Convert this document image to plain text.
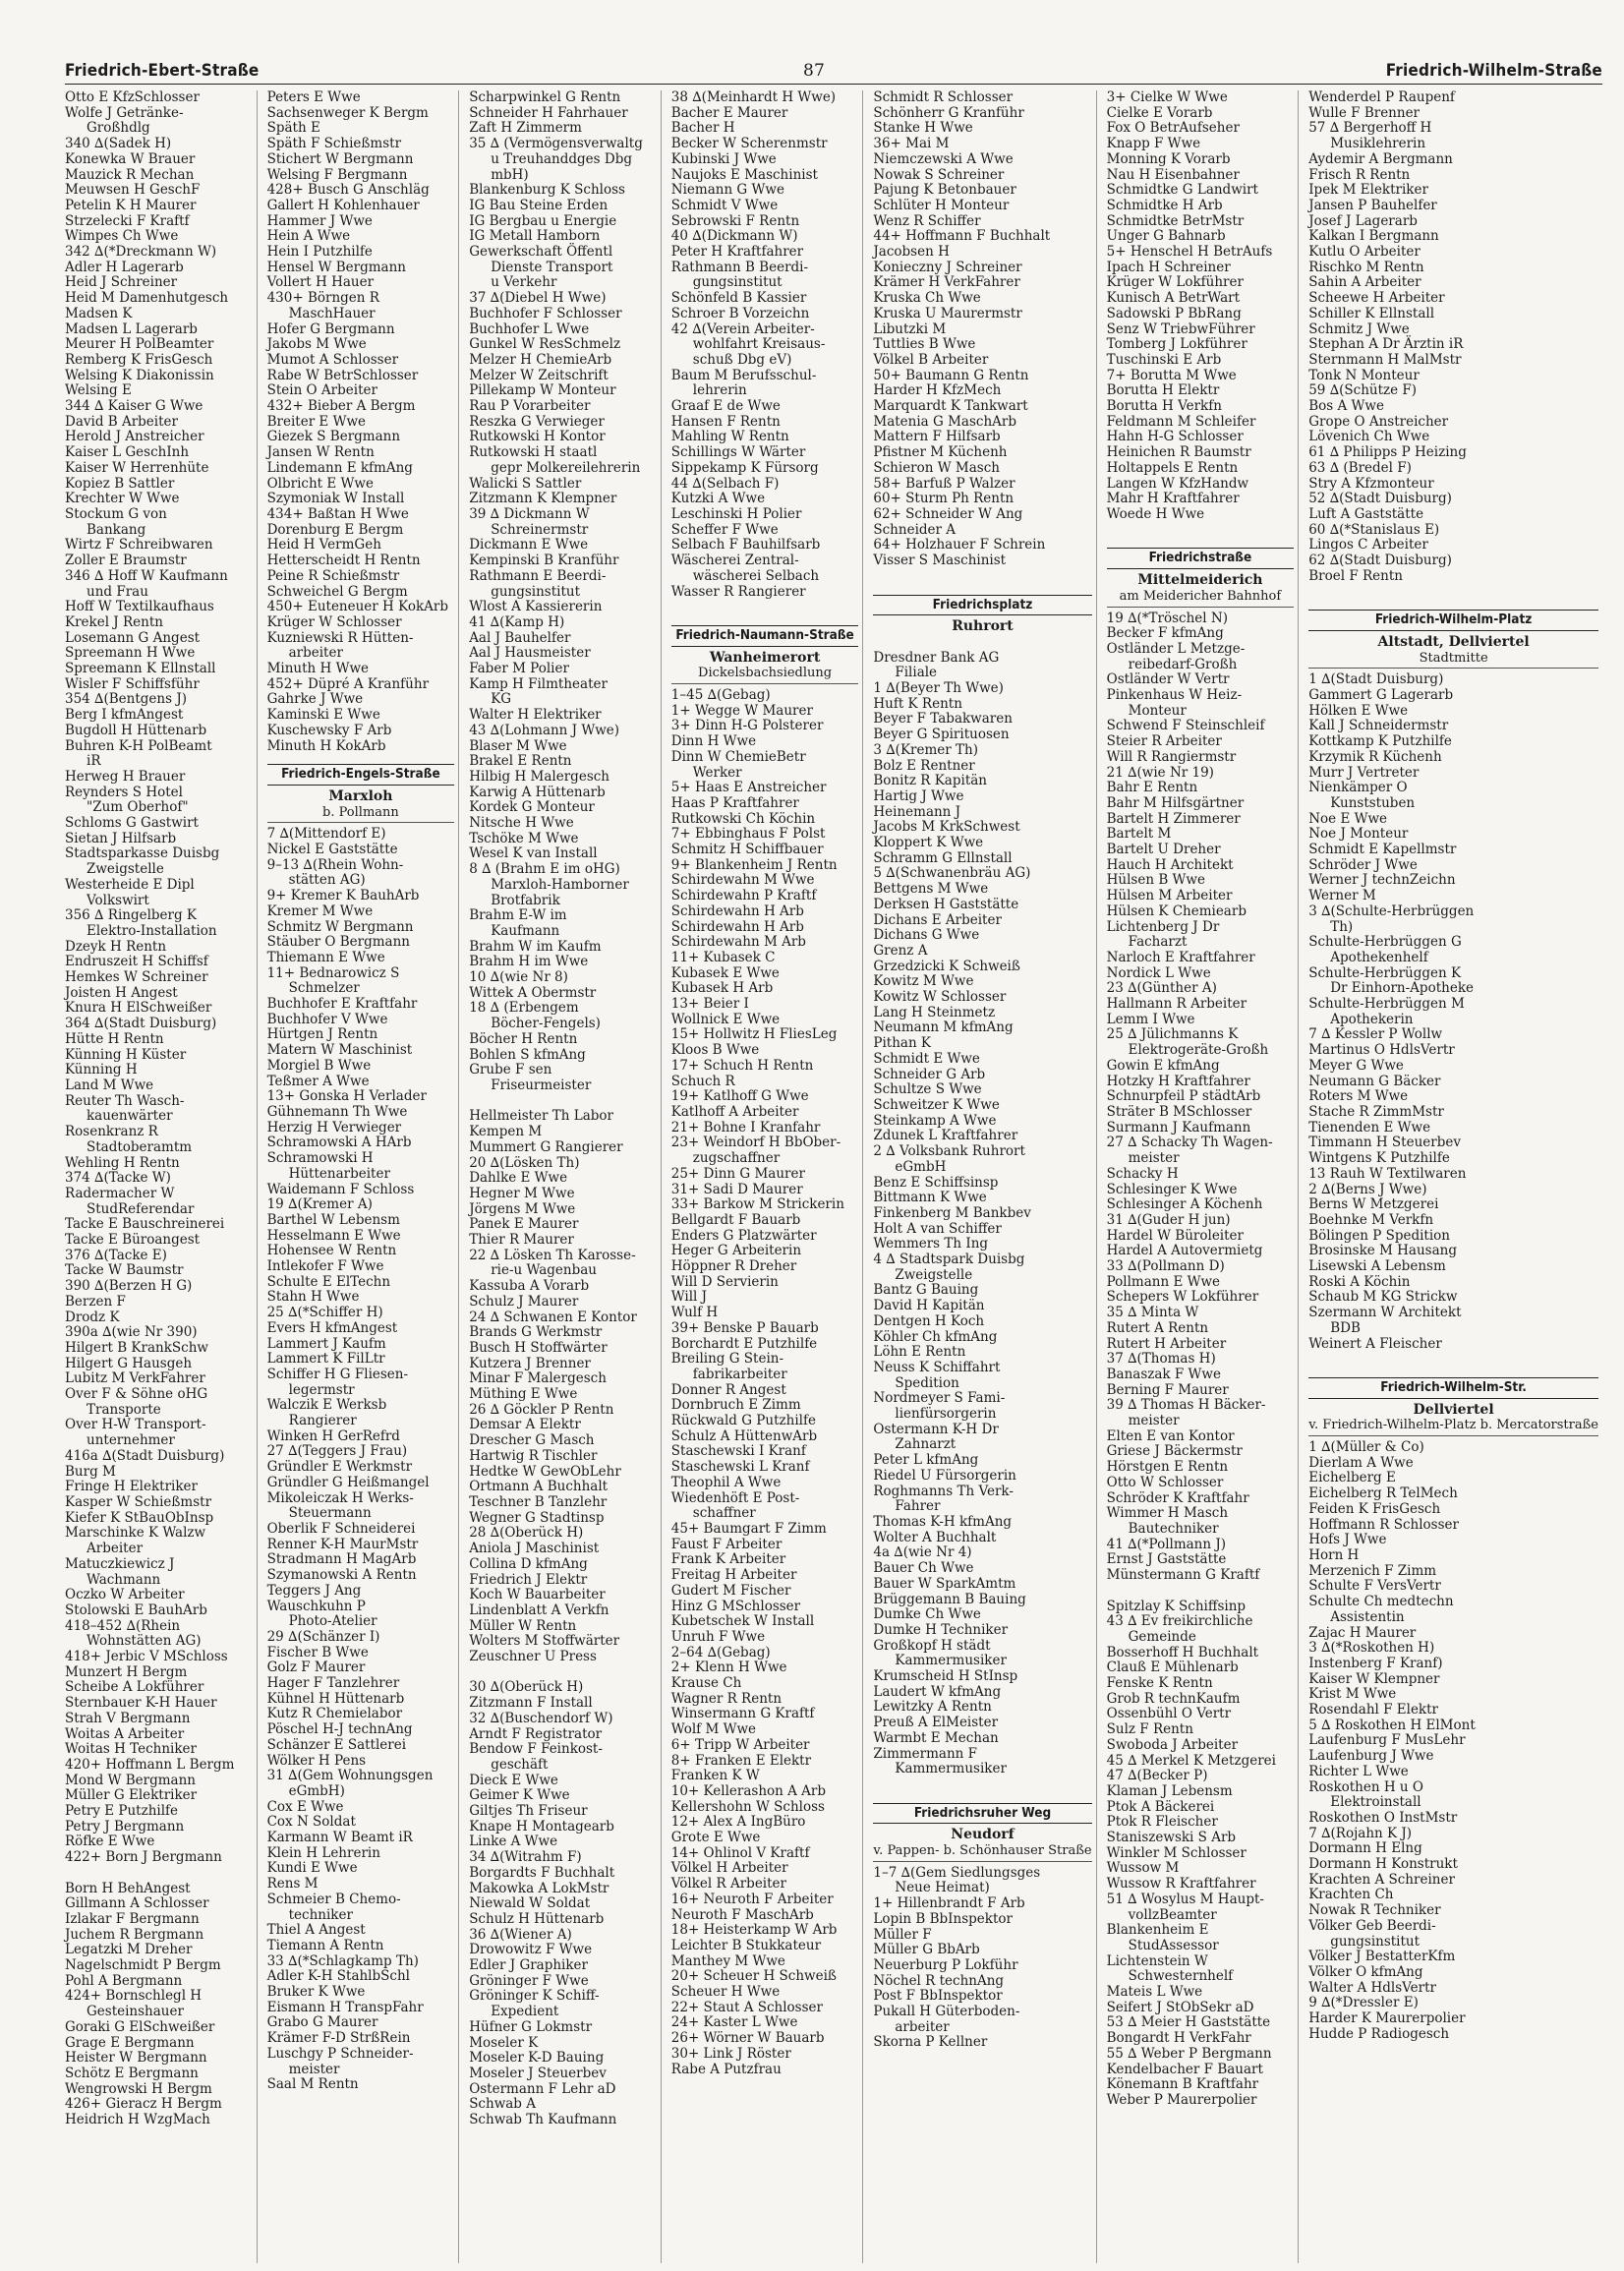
Friedrich-Ebert-Straße	87	Friedrich-Wilhelm-Straße
Otto E KfzSchlosser
Wolfe J Getränke-
Großhdlg
340 ∆(Sadek H)
Konewka W Brauer
Mauzick R Mechan
Meuwsen H GeschF
Petelin K H Maurer
Strzelecki F Kraftf
Wimpes Ch Wwe
342 ∆(*Dreckmann W)
Adler H Lagerarb
Heid J Schreiner
Heid M Damenhutgesch
Madsen K
Madsen L Lagerarb
Meurer H PolBeamter
Remberg K FrisGesch
Welsing K Diakonissin
Welsing E
344 ∆ Kaiser G Wwe
David B Arbeiter
Herold J Anstreicher
Kaiser L GeschInh
Kaiser W Herrenhüte
Kopiez B Sattler
Krechter W Wwe
Stockum G von
Bankang
Wirtz F Schreibwaren
Zoller E Braumstr
346 ∆ Hoff W Kaufmann
und Frau
Hoff W Textilkaufhaus
Krekel J Rentn
Losemann G Angest
Spreemann H Wwe
Spreemann K Ellnstall
Wisler F Schiffsführ
354 ∆(Bentgens J)
Berg I kfmAngest
Bugdoll H Hüttenarb
Buhren K-H PolBeamt
iR
Herweg H Brauer
Reynders S Hotel
"Zum Oberhof"
Schloms G Gastwirt
Sietan J Hilfsarb
Stadtsparkasse Duisbg
Zweigstelle
Westerheide E Dipl
Volkswirt
356 ∆ Ringelberg K
Elektro-Installation
Dzeyk H Rentn
Endruszeit H Schiffsf
Hemkes W Schreiner
Joisten H Angest
Knura H ElSchweißer
364 ∆(Stadt Duisburg)
Hütte H Rentn
Künning H Küster
Künning H
Land M Wwe
Reuter Th Wasch-
kauenwärter
Rosenkranz R
Stadtoberamtm
Wehling H Rentn
374 ∆(Tacke W)
Radermacher W
StudReferendar
Tacke E Bauschreinerei
Tacke E Büroangest
376 ∆(Tacke E)
Tacke W Baumstr
390 ∆(Berzen H G)
Berzen F
Drodz K
390a ∆(wie Nr 390)
Hilgert B KrankSchw
Hilgert G Hausgeh
Lubitz M VerkFahrer
Over F & Söhne oHG
Transporte
Over H-W Transport-
unternehmer
416a ∆(Stadt Duisburg)
Burg M
Fringe H Elektriker
Kasper W Schießmstr
Kiefer K StBauObInsp
Marschinke K Walzw
Arbeiter
Matuczkiewicz J
Wachmann
Oczko W Arbeiter
Stolowski E BauhArb
418–452 ∆(Rhein
Wohnstätten AG)
418+ Jerbic V MSchloss
Munzert H Bergm
Scheibe A Lokführer
Sternbauer K-H Hauer
Strah V Bergmann
Woitas A Arbeiter
Woitas H Techniker
420+ Hoffmann L Bergm
Mond W Bergmann
Müller G Elektriker
Petry E Putzhilfe
Petry J Bergmann
Röfke E Wwe
422+ Born J Bergmann

Born H BehAngest
Gillmann A Schlosser
Izlakar F Bergmann
Juchem R Bergmann
Legatzki M Dreher
Nagelschmidt P Bergm
Pohl A Bergmann
424+ Bornschlegl H
Gesteinshauer
Goraki G ElSchweißer
Grage E Bergmann
Heister W Bergmann
Schötz E Bergmann
Wengrowski H Bergm
426+ Gieracz H Bergm
Heidrich H WzgMach
Peters E Wwe
Sachsenweger K Bergm
Späth E
Späth F Schießmstr
Stichert W Bergmann
Welsing F Bergmann
428+ Busch G Anschläg
Gallert H Kohlenhauer
Hammer J Wwe
Hein A Wwe
Hein I Putzhilfe
Hensel W Bergmann
Vollert H Hauer
430+ Börngen R
MaschHauer
Hofer G Bergmann
Jakobs M Wwe
Mumot A Schlosser
Rabe W BetrSchlosser
Stein O Arbeiter
432+ Bieber A Bergm
Breiter E Wwe
Giezek S Bergmann
Jansen W Rentn
Lindemann E kfmAng
Olbricht E Wwe
Szymoniak W Install
434+ Baßtan H Wwe
Dorenburg E Bergm
Heid H VermGeh
Hetterscheidt H Rentn
Peine R Schießmstr
Schweichel G Bergm
450+ Euteneuer H KokArb
Krüger W Schlosser
Kuzniewski R Hütten-
arbeiter
Minuth H Wwe
452+ Düpré A Kranführ
Gahrke J Wwe
Kaminski E Wwe
Kuschewsky F Arb
Minuth H KokArb
Friedrich-Engels-Straße
Marxloh
b. Pollmann
7 ∆(Mittendorf E)
Nickel E Gaststätte
9–13 ∆(Rhein Wohn-
stätten AG)
9+ Kremer K BauhArb
Kremer M Wwe
Schmitz W Bergmann
Stäuber O Bergmann
Thiemann E Wwe
11+ Bednarowicz S
Schmelzer
Buchhofer E Kraftfahr
Buchhofer V Wwe
Hürtgen J Rentn
Matern W Maschinist
Morgiel B Wwe
Teßmer A Wwe
13+ Gonska H Verlader
Gühnemann Th Wwe
Herzig H Verwieger
Schramowski A HArb
Schramowski H
Hüttenarbeiter
Waidemann F Schloss
19 ∆(Kremer A)
Barthel W Lebensm
Hesselmann E Wwe
Hohensee W Rentn
Intlekofer F Wwe
Schulte E ElTechn
Stahn H Wwe
25 ∆(*Schiffer H)
Evers H kfmAngest
Lammert J Kaufm
Lammert K FilLtr
Schiffer H G Fliesen-
legermstr
Walczik E Werksb
Rangierer
Winken H GerRefrd
27 ∆(Teggers J Frau)
Gründler E Werkmstr
Gründler G Heißmangel
Mikoleiczak H Werks-
Steuermann
Oberlik F Schneiderei
Renner K-H MaurMstr
Stradmann H MagArb
Szymanowski A Rentn
Teggers J Ang
Wauschkuhn P
Photo-Atelier
29 ∆(Schänzer I)
Fischer B Wwe
Golz F Maurer
Hager F Tanzlehrer
Kühnel H Hüttenarb
Kutz R Chemielabor
Pöschel H-J technAng
Schänzer E Sattlerei
Wölker H Pens
31 ∆(Gem Wohnungsgen
eGmbH)
Cox E Wwe
Cox N Soldat
Karmann W Beamt iR
Klein H Lehrerin
Kundi E Wwe
Rens M
Schmeier B Chemo-
techniker
Thiel A Angest
Tiemann A Rentn
33 ∆(*Schlagkamp Th)
Adler K-H StahlbSchl
Bruker K Wwe
Eismann H TranspFahr
Grabo G Maurer
Krämer F-D StrßRein
Luschgy P Schneider-
meister
Saal M Rentn
Scharpwinkel G Rentn
Schneider H Fahrhauer
Zaft H Zimmerm
35 ∆ (Vermögensverwaltg
u Treuhanddges Dbg
mbH)
Blankenburg K Schloss
IG Bau Steine Erden
IG Bergbau u Energie
IG Metall Hamborn
Gewerkschaft Öffentl
Dienste Transport
u Verkehr
37 ∆(Diebel H Wwe)
Buchhofer F Schlosser
Buchhofer L Wwe
Gunkel W ResSchmelz
Melzer H ChemieArb
Melzer W Zeitschrift
Pillekamp W Monteur
Rau P Vorarbeiter
Reszka G Verwieger
Rutkowski H Kontor
Rutkowski H staatl
gepr Molkereilehrerin
Walicki S Sattler
Zitzmann K Klempner
39 ∆ Dickmann W
Schreinermstr
Dickmann E Wwe
Kempinski B Kranführ
Rathmann E Beerdi-
gungsinstitut
Wlost A Kassiererin
41 ∆(Kamp H)
Aal J Bauhelfer
Aal J Hausmeister
Faber M Polier
Kamp H Filmtheater
KG
Walter H Elektriker
43 ∆(Lohmann J Wwe)
Blaser M Wwe
Brakel E Rentn
Hilbig H Malergesch
Karwig A Hüttenarb
Kordek G Monteur
Nitsche H Wwe
Tschöke M Wwe
Wesel K van Install
8 ∆ (Brahm E im oHG)
Marxloh-Hamborner
Brotfabrik
Brahm E-W im
Kaufmann
Brahm W im Kaufm
Brahm H im Wwe
10 ∆(wie Nr 8)
Wittek A Obermstr
18 ∆ (Erbengem
Böcher-Fengels)
Böcher H Rentn
Bohlen S kfmAng
Grube F sen
Friseurmeister

Hellmeister Th Labor
Kempen M
Mummert G Rangierer
20 ∆(Lösken Th)
Dahlke E Wwe
Hegner M Wwe
Jörgens M Wwe
Panek E Maurer
Thier R Maurer
22 ∆ Lösken Th Karosse-
rie-u Wagenbau
Kassuba A Vorarb
Schulz J Maurer
24 ∆ Schwanen E Kontor
Brands G Werkmstr
Busch H Stoffwärter
Kutzera J Brenner
Minar F Malergesch
Müthing E Wwe
26 ∆ Göckler P Rentn
Demsar A Elektr
Drescher G Masch
Hartwig R Tischler
Hedtke W GewObLehr
Ortmann A Buchhalt
Teschner B Tanzlehr
Wegner G Stadtinsp
28 ∆(Oberück H)
Aniola J Maschinist
Collina D kfmAng
Friedrich J Elektr
Koch W Bauarbeiter
Lindenblatt A Verkfn
Müller W Rentn
Wolters M Stoffwärter
Zeuschner U Press

30 ∆(Oberück H)
Zitzmann F Install
32 ∆(Buschendorf W)
Arndt F Registrator
Bendow F Feinkost-
geschäft
Dieck E Wwe
Geimer K Wwe
Giltjes Th Friseur
Knape H Montagearb
Linke A Wwe
34 ∆(Witrahm F)
Borgardts F Buchhalt
Makowka A LokMstr
Niewald W Soldat
Schulz H Hüttenarb
36 ∆(Wiener A)
Drowowitz F Wwe
Edler J Graphiker
Gröninger F Wwe
Gröninger K Schiff-
Expedient
Hüfner G Lokmstr
Moseler K
Moseler K-D Bauing
Moseler J Steuerbev
Ostermann F Lehr aD
Schwab A
Schwab Th Kaufmann
38 ∆(Meinhardt H Wwe)
Bacher E Maurer
Bacher H
Becker W Scherenmstr
Kubinski J Wwe
Naujoks E Maschinist
Niemann G Wwe
Schmidt V Wwe
Sebrowski F Rentn
40 ∆(Dickmann W)
Peter H Kraftfahrer
Rathmann B Beerdi-
gungsinstitut
Schönfeld B Kassier
Schroer B Vorzeichn
42 ∆(Verein Arbeiter-
wohlfahrt Kreisaus-
schuß Dbg eV)
Baum M Berufsschul-
lehrerin
Graaf E de Wwe
Hansen F Rentn
Mahling W Rentn
Schillings W Wärter
Sippekamp K Fürsorg
44 ∆(Selbach F)
Kutzki A Wwe
Leschinski H Polier
Scheffer F Wwe
Selbach F Bauhilfsarb
Wäscherei Zentral-
wäscherei Selbach
Wasser R Rangierer

Friedrich-Naumann-Straße
Wanheimerort
Dickelsbachsiedlung
1–45 ∆(Gebag)
1+ Wegge W Maurer
3+ Dinn H-G Polsterer
Dinn H Wwe
Dinn W ChemieBetr
Werker
5+ Haas E Anstreicher
Haas P Kraftfahrer
Rutkowski Ch Köchin
7+ Ebbinghaus F Polst
Schmitz H Schiffbauer
9+ Blankenheim J Rentn
Schirdewahn M Wwe
Schirdewahn P Kraftf
Schirdewahn H Arb
Schirdewahn H Arb
Schirdewahn M Arb
11+ Kubasek C
Kubasek E Wwe
Kubasek H Arb
13+ Beier I
Wollnick E Wwe
15+ Hollwitz H FliesLeg
Kloos B Wwe
17+ Schuch H Rentn
Schuch R
19+ Katlhoff G Wwe
Katlhoff A Arbeiter
21+ Bohne I Kranfahr
23+ Weindorf H BbOber-
zugschaffner
25+ Dinn G Maurer
31+ Sadi D Maurer
33+ Barkow M Strickerin
Bellgardt F Bauarb
Enders G Platzwärter
Heger G Arbeiterin
Höppner R Dreher
Will D Servierin
Will J
Wulf H
39+ Benske P Bauarb
Borchardt E Putzhilfe
Breiling G Stein-
fabrikarbeiter
Donner R Angest
Dornbruch E Zimm
Rückwald G Putzhilfe
Schulz A HüttenwArb
Staschewski I Kranf
Staschewski L Kranf
Theophil A Wwe
Wiedenhöft E Post-
schaffner
45+ Baumgart F Zimm
Faust F Arbeiter
Frank K Arbeiter
Freitag H Arbeiter
Gudert M Fischer
Hinz G MSchlosser
Kubetschek W Install
Unruh F Wwe
2–64 ∆(Gebag)
2+ Klenn H Wwe
Krause Ch
Wagner R Rentn
Winsermann G Kraftf
Wolf M Wwe
6+ Tripp W Arbeiter
8+ Franken E Elektr
Franken K W
10+ Kellerashon A Arb
Kellershohn W Schloss
12+ Alex A IngBüro
Grote E Wwe
14+ Ohlinol V Kraftf
Völkel H Arbeiter
Völkel R Arbeiter
16+ Neuroth F Arbeiter
Neuroth F MaschArb
18+ Heisterkamp W Arb
Leichter B Stukkateur
Manthey M Wwe
20+ Scheuer H Schweiß
Scheuer H Wwe
22+ Staut A Schlosser
24+ Kaster L Wwe
26+ Wörner W Bauarb
30+ Link J Röster
Rabe A Putzfrau
Schmidt R Schlosser
Schönherr G Kranführ
Stanke H Wwe
36+ Mai M
Niemczewski A Wwe
Nowak S Schreiner
Pajung K Betonbauer
Schlüter H Monteur
Wenz R Schiffer
44+ Hoffmann F Buchhalt
Jacobsen H
Konieczny J Schreiner
Krämer H VerkFahrer
Kruska Ch Wwe
Kruska U Maurermstr
Libutzki M
Tuttlies B Wwe
Völkel B Arbeiter
50+ Baumann G Rentn
Harder H KfzMech
Marquardt K Tankwart
Matenia G MaschArb
Mattern F Hilfsarb
Pfistner M Küchenh
Schieron W Masch
58+ Barfuß P Walzer
60+ Sturm Ph Rentn
62+ Schneider W Ang
Schneider A
64+ Holzhauer F Schrein
Visser S Maschinist

Friedrichsplatz
Ruhrort

Dresdner Bank AG
Filiale
1 ∆(Beyer Th Wwe)
Huft K Rentn
Beyer F Tabakwaren
Beyer G Spirituosen
3 ∆(Kremer Th)
Bolz E Rentner
Bonitz R Kapitän
Hartig J Wwe
Heinemann J
Jacobs M KrkSchwest
Kloppert K Wwe
Schramm G Ellnstall
5 ∆(Schwanenbräu AG)
Bettgens M Wwe
Derksen H Gaststätte
Dichans E Arbeiter
Dichans G Wwe
Grenz A
Grzedzicki K Schweiß
Kowitz M Wwe
Kowitz W Schlosser
Lang H Steinmetz
Neumann M kfmAng
Pithan K
Schmidt E Wwe
Schneider G Arb
Schultze S Wwe
Schweitzer K Wwe
Steinkamp A Wwe
Zdunek L Kraftfahrer
2 ∆ Volksbank Ruhrort
eGmbH
Benz E Schiffsinsp
Bittmann K Wwe
Finkenberg M Bankbev
Holt A van Schiffer
Wemmers Th Ing
4 ∆ Stadtspark Duisbg
Zweigstelle
Bantz G Bauing
David H Kapitän
Dentgen H Koch
Köhler Ch kfmAng
Löhn E Rentn
Neuss K Schiffahrt
Spedition
Nordmeyer S Fami-
lienfürsorgerin
Ostermann K-H Dr
Zahnarzt
Peter L kfmAng
Riedel U Fürsorgerin
Roghmanns Th Verk-
Fahrer
Thomas K-H kfmAng
Wolter A Buchhalt
4a ∆(wie Nr 4)
Bauer Ch Wwe
Bauer W SparkAmtm
Brüggemann B Bauing
Dumke Ch Wwe
Dumke H Techniker
Großkopf H städt
Kammermusiker
Krumscheid H StInsp
Laudert W kfmAng
Lewitzky A Rentn
Preuß A ElMeister
Warmbt E Mechan
Zimmermann F
Kammermusiker

Friedrichsruher Weg
Neudorf
v. Pappen- b. Schönhauser Straße
1–7 ∆(Gem Siedlungsges
Neue Heimat)
1+ Hillenbrandt F Arb
Lopin B BbInspektor
Müller F
Müller G BbArb
Neuerburg P Lokführ
Nöchel R technAng
Post F BbInspektor
Pukall H Güterboden-
arbeiter
Skorna P Kellner
3+ Cielke W Wwe
Cielke E Vorarb
Fox O BetrAufseher
Knapp F Wwe
Monning K Vorarb
Nau H Eisenbahner
Schmidtke G Landwirt
Schmidtke H Arb
Schmidtke BetrMstr
Unger G Bahnarb
5+ Henschel H BetrAufs
Ipach H Schreiner
Krüger W Lokführer
Kunisch A BetrWart
Sadowski P BbRang
Senz W TriebwFührer
Tomberg J Lokführer
Tuschinski E Arb
7+ Borutta M Wwe
Borutta H Elektr
Borutta H Verkfn
Feldmann M Schleifer
Hahn H-G Schlosser
Heinichen R Baumstr
Holtappels E Rentn
Langen W KfzHandw
Mahr H Kraftfahrer
Woede H Wwe

Friedrichstraße
Mittelmeiderich
am Meidericher Bahnhof
19 ∆(*Tröschel N)
Becker F kfmAng
Ostländer L Metzge-
reibedarf-Großh
Ostländer W Vertr
Pinkenhaus W Heiz-
Monteur
Schwend F Steinschleif
Steier R Arbeiter
Will R Rangiermstr
21 ∆(wie Nr 19)
Bahr E Rentn
Bahr M Hilfsgärtner
Bartelt H Zimmerer
Bartelt M
Bartelt U Dreher
Hauch H Architekt
Hülsen B Wwe
Hülsen M Arbeiter
Hülsen K Chemiearb
Lichtenberg J Dr
Facharzt
Narloch E Kraftfahrer
Nordick L Wwe
23 ∆(Günther A)
Hallmann R Arbeiter
Lemm I Wwe
25 ∆ Jülichmanns K
Elektrogeräte-Großh
Gowin E kfmAng
Hotzky H Kraftfahrer
Schnurpfeil P städtArb
Sträter B MSchlosser
Surmann J Kaufmann
27 ∆ Schacky Th Wagen-
meister
Schacky H
Schlesinger K Wwe
Schlesinger A Köchenh
31 ∆(Guder H jun)
Hardel W Büroleiter
Hardel A Autovermietg
33 ∆(Pollmann D)
Pollmann E Wwe
Schepers W Lokführer
35 ∆ Minta W
Rutert A Rentn
Rutert H Arbeiter
37 ∆(Thomas H)
Banaszak F Wwe
Berning F Maurer
39 ∆ Thomas H Bäcker-
meister
Elten E van Kontor
Griese J Bäckermstr
Hörstgen E Rentn
Otto W Schlosser
Schröder K Kraftfahr
Wimmer H Masch
Bautechniker
41 ∆(*Pollmann J)
Ernst J Gaststätte
Münstermann G Kraftf

Spitzlay K Schiffsinp
43 ∆ Ev freikirchliche
Gemeinde
Bosserhoff H Buchhalt
Clauß E Mühlenarb
Fenske K Rentn
Grob R technKaufm
Ossenbühl O Vertr
Sulz F Rentn
Swoboda J Arbeiter
45 ∆ Merkel K Metzgerei
47 ∆(Becker P)
Klaman J Lebensm
Ptok A Bäckerei
Ptok R Fleischer
Staniszewski S Arb
Winkler M Schlosser
Wussow M
Wussow R Kraftfahrer
51 ∆ Wosylus M Haupt-
vollzBeamter
Blankenheim E
StudAssessor
Lichtenstein W
Schwesternhelf
Mateis L Wwe
Seifert J StObSekr aD
53 ∆ Meier H Gaststätte
Bongardt H VerkFahr
55 ∆ Weber P Bergmann
Kendelbacher F Bauart
Könemann B Kraftfahr
Weber P Maurerpolier
Wenderdel P Raupenf
Wulle F Brenner
57 ∆ Bergerhoff H
Musiklehrerin
Aydemir A Bergmann
Frisch R Rentn
Ipek M Elektriker
Jansen P Bauhelfer
Josef J Lagerarb
Kalkan I Bergmann
Kutlu O Arbeiter
Rischko M Rentn
Sahin A Arbeiter
Scheewe H Arbeiter
Schiller K Ellnstall
Schmitz J Wwe
Stephan A Dr Ärztin iR
Sternmann H MalMstr
Tonk N Monteur
59 ∆(Schütze F)
Bos A Wwe
Grope O Anstreicher
Lövenich Ch Wwe
61 ∆ Philipps P Heizing
63 ∆ (Bredel F)
Stry A Kfzmonteur
52 ∆(Stadt Duisburg)
Luft A Gaststätte
60 ∆(*Stanislaus E)
Lingos C Arbeiter
62 ∆(Stadt Duisburg)
Broel F Rentn

Friedrich-Wilhelm-Platz
Altstadt, Dellviertel
Stadtmitte
1 ∆(Stadt Duisburg)
Gammert G Lagerarb
Hölken E Wwe
Kall J Schneidermstr
Kottkamp K Putzhilfe
Krzymik R Küchenh
Murr J Vertreter
Nienkämper O
Kunststuben
Noe E Wwe
Noe J Monteur
Schmidt E Kapellmstr
Schröder J Wwe
Werner J technZeichn
Werner M
3 ∆(Schulte-Herbrüggen
Th)
Schulte-Herbrüggen G
Apothekenhelf
Schulte-Herbrüggen K
Dr Einhorn-Apotheke
Schulte-Herbrüggen M
Apothekerin
7 ∆ Kessler P Wollw
Martinus O HdlsVertr
Meyer G Wwe
Neumann G Bäcker
Roters M Wwe
Stache R ZimmMstr
Tienenden E Wwe
Timmann H Steuerbev
Wintgens K Putzhilfe
13 Rauh W Textilwaren
2 ∆(Berns J Wwe)
Berns W Metzgerei
Boehnke M Verkfn
Bölingen P Spedition
Brosinske M Hausang
Lisewski A Lebensm
Roski A Köchin
Schaub M KG Strickw
Szermann W Architekt
BDB
Weinert A Fleischer

Friedrich-Wilhelm-Str.
Dellviertel
v. Friedrich-Wilhelm-Platz b. Mercatorstraße
1 ∆(Müller & Co)
Dierlam A Wwe
Eichelberg E
Eichelberg R TelMech
Feiden K FrisGesch
Hoffmann R Schlosser
Hofs J Wwe
Horn H
Merzenich F Zimm
Schulte F VersVertr
Schulte Ch medtechn
Assistentin
Zajac H Maurer
3 ∆(*Roskothen H)
Instenberg F Kranf)
Kaiser W Klempner
Krist M Wwe
Rosendahl F Elektr
5 ∆ Roskothen H ElMont
Laufenburg F MusLehr
Laufenburg J Wwe
Richter L Wwe
Roskothen H u O
Elektroinstall
Roskothen O InstMstr
7 ∆(Rojahn K J)
Dormann H Elng
Dormann H Konstrukt
Krachten A Schreiner
Krachten Ch
Nowak R Techniker
Völker Geb Beerdi-
gungsinstitut
Völker J BestatterKfm
Völker O kfmAng
Walter A HdlsVertr
9 ∆(*Dressler E)
Harder K Maurerpolier
Hudde P Radiogesch
